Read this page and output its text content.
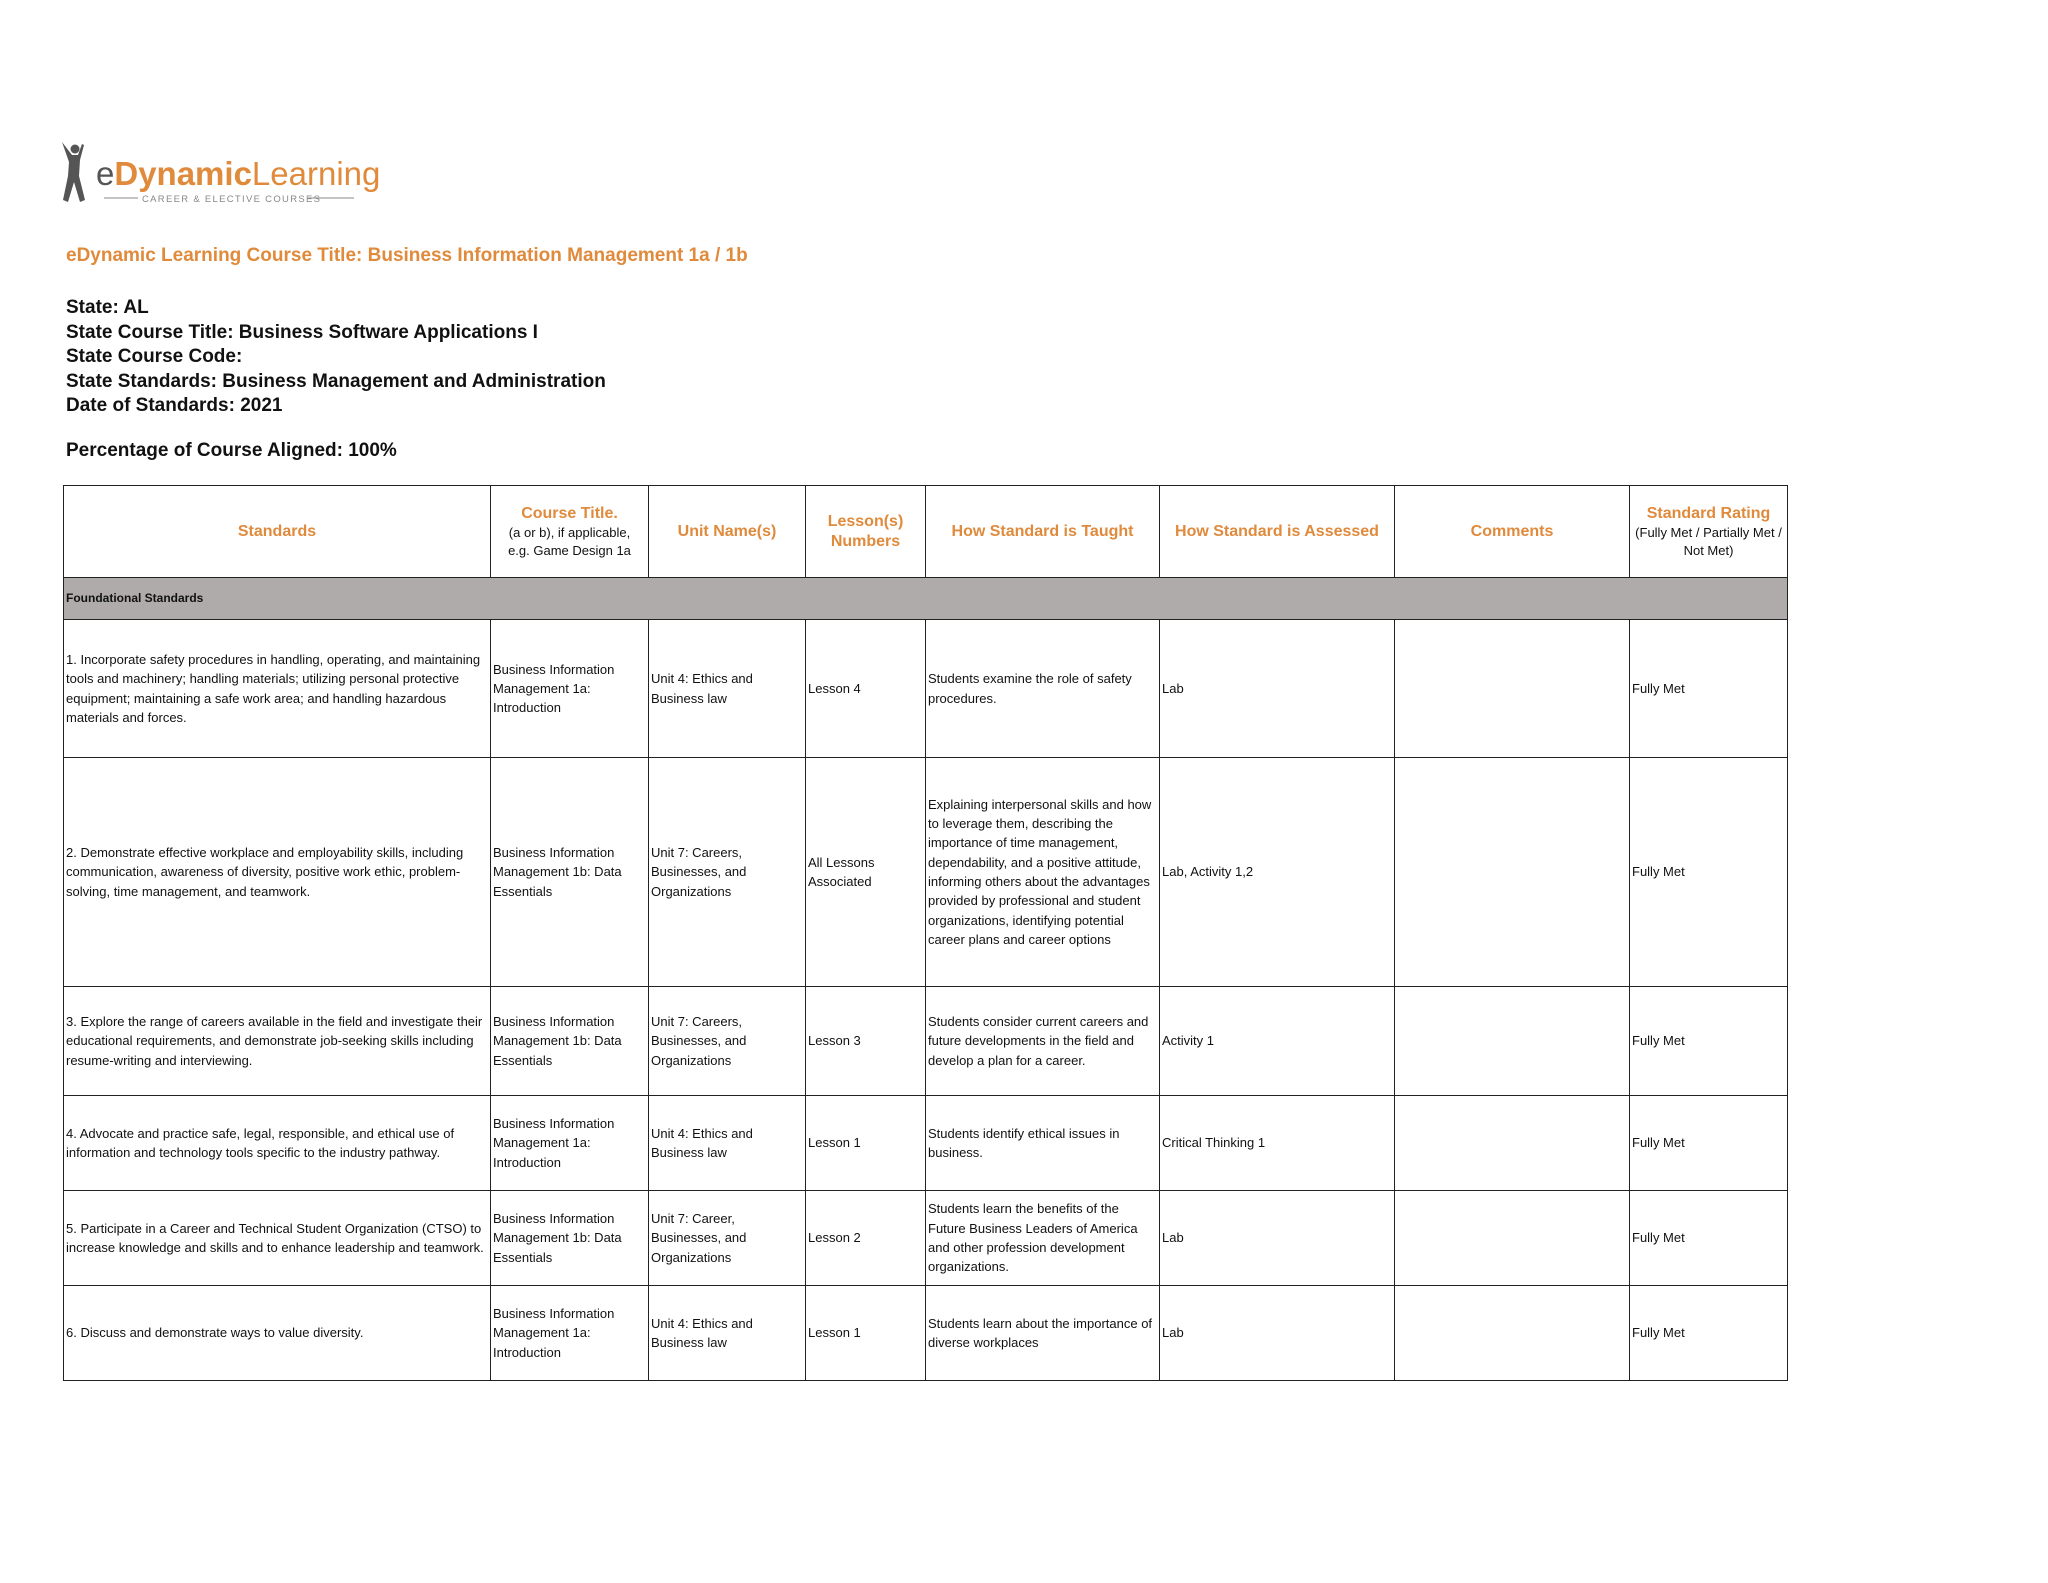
eDynamicLearning
CAREER & ELECTIVE COURSES
eDynamic Learning Course Title: Business Information Management 1a / 1b
State: AL
State Course Title: Business Software Applications I
State Course Code:
State Standards: Business Management and Administration
Date of Standards: 2021
Percentage of Course Aligned: 100%
Standards	Course Title.
(a or b), if applicable,
e.g. Game Design 1a	Unit Name(s)	Lesson(s) Numbers	How Standard is Taught	How Standard is Assessed	Comments	Standard Rating
(Fully Met / Partially Met / Not Met)

Foundational Standards							
1. Incorporate safety procedures in handling, operating, and maintaining tools and machinery; handling materials; utilizing personal protective equipment; maintaining a safe work area; and handling hazardous materials and forces.	Business Information Management 1a: Introduction	Unit 4: Ethics and Business law	Lesson 4	Students examine the role of safety procedures.	Lab		Fully Met
2. Demonstrate effective workplace and employability skills, including communication, awareness of diversity, positive work ethic, problem-solving, time management, and teamwork.	Business Information Management 1b: Data Essentials	Unit 7: Careers, Businesses, and Organizations	All Lessons Associated	Explaining interpersonal skills and how to leverage them, describing the importance of time management, dependability, and a positive attitude, informing others about the advantages provided by professional and student organizations, identifying potential career plans and career options	Lab, Activity 1,2		Fully Met
3. Explore the range of careers available in the field and investigate their educational requirements, and demonstrate job-seeking skills including resume-writing and interviewing.	Business Information Management 1b: Data Essentials	Unit 7: Careers, Businesses, and Organizations	Lesson 3	Students consider current careers and future developments in the field and develop a plan for a career.	Activity 1		Fully Met
4. Advocate and practice safe, legal, responsible, and ethical use of information and technology tools specific to the industry pathway.	Business Information Management 1a: Introduction	Unit 4: Ethics and Business law	Lesson 1	Students identify ethical issues in business.	Critical Thinking 1		Fully Met
5. Participate in a Career and Technical Student Organization (CTSO) to increase knowledge and skills and to enhance leadership and teamwork.	Business Information Management 1b: Data Essentials	Unit 7: Career, Businesses, and Organizations	Lesson 2	Students learn the benefits of the Future Business Leaders of America and other profession development organizations.	Lab		Fully Met
6. Discuss and demonstrate ways to value diversity.	Business Information Management 1a: Introduction	Unit 4: Ethics and Business law	Lesson 1	Students learn about the importance of diverse workplaces	Lab		Fully Met
